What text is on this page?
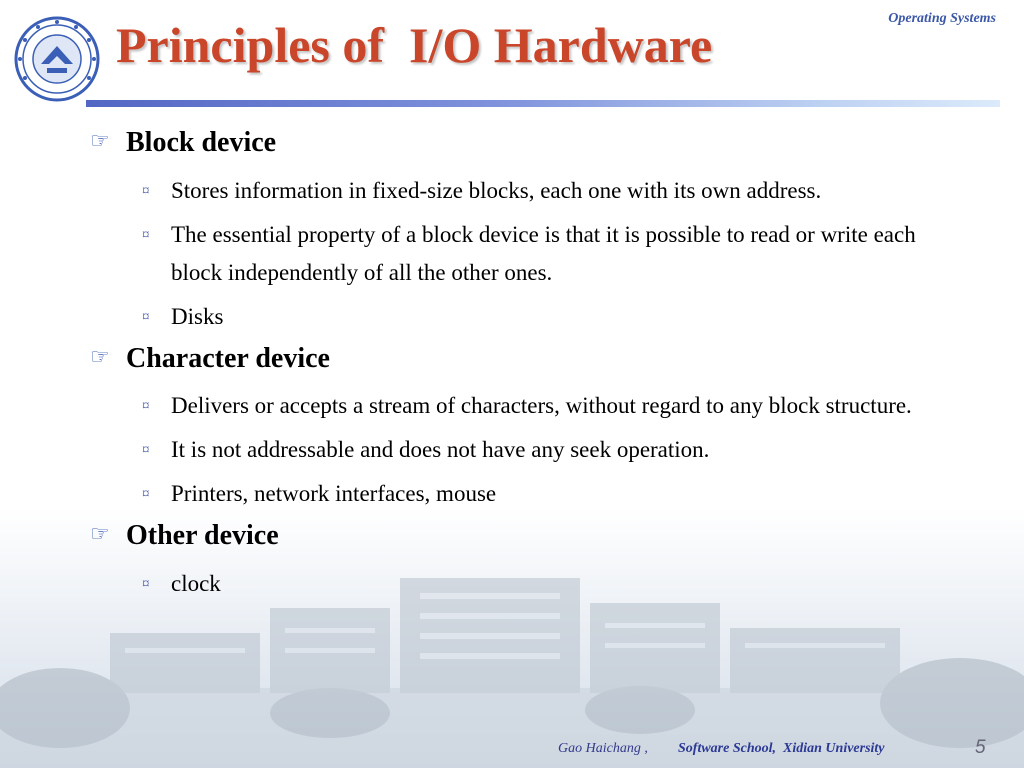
Operating Systems
Principles of  I/O Hardware
☞ Block device
¤ Stores information in fixed-size blocks, each one with its own address.
¤ The essential property of a block device is that it is possible to read or write each block independently of all the other ones.
¤ Disks
☞ Character device
¤ Delivers or accepts a stream of characters, without regard to any block structure.
¤ It is not addressable and does not have any seek operation.
¤ Printers, network interfaces, mouse
☞ Other device
¤ clock
Gao Haichang , Software School,  Xidian University	5
